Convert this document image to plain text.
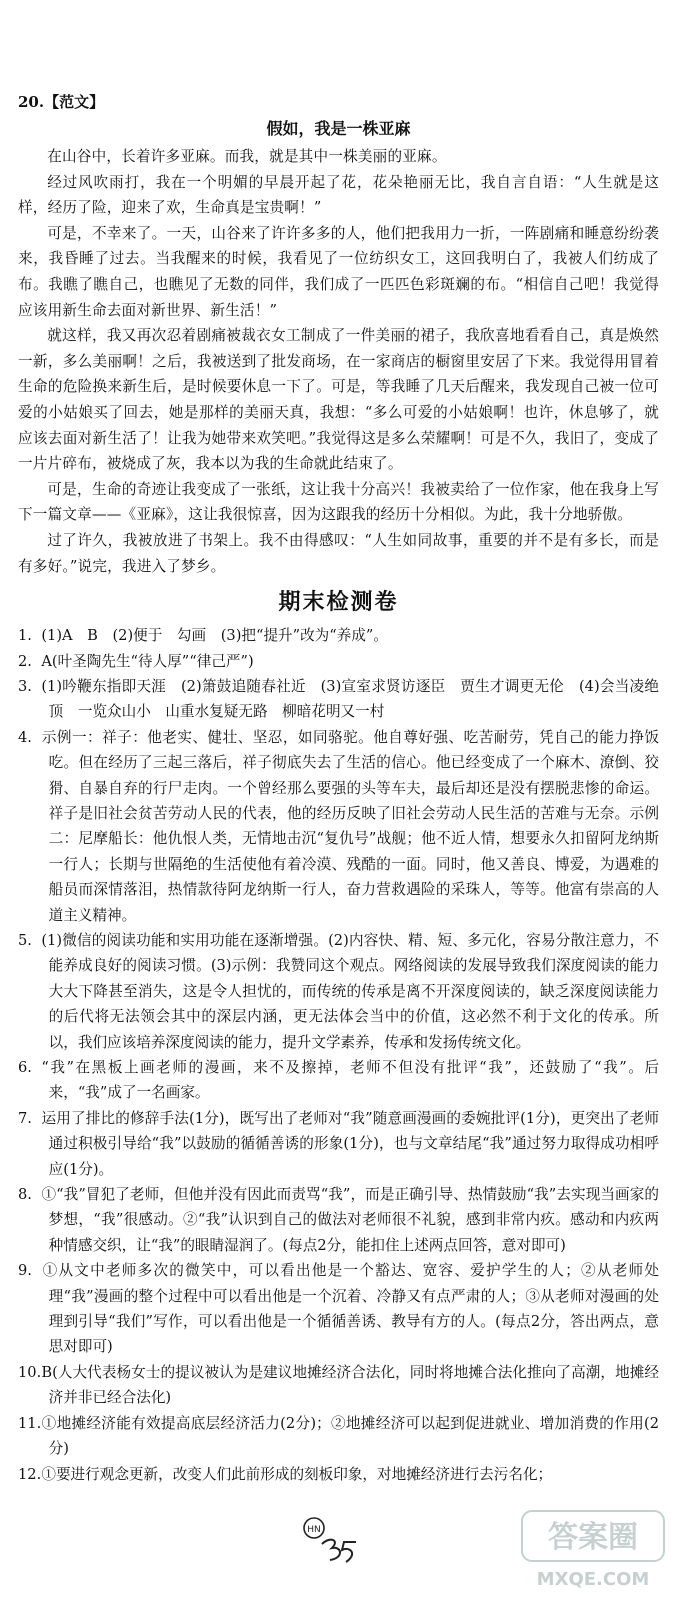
20.【范文】
假如，我是一株亚麻

在山谷中，长着许多亚麻。而我，就是其中一株美丽的亚麻。

经过风吹雨打，我在一个明媚的早晨开起了花，花朵艳丽无比，我自言自语：“人生就是这样，经历了险，迎来了欢，生命真是宝贵啊！”

可是，不幸来了。一天，山谷来了许许多多的人，他们把我用力一折，一阵剧痛和睡意纷纷袭来，我昏睡了过去。当我醒来的时候，我看见了一位纺织女工，这回我明白了，我被人们纺成了布。我瞧了瞧自己，也瞧见了无数的同伴，我们成了一匹匹色彩斑斓的布。“相信自己吧！我觉得应该用新生命去面对新世界、新生活！”

就这样，我又再次忍着剧痛被裁衣女工制成了一件美丽的裙子，我欣喜地看看自己，真是焕然一新，多么美丽啊！之后，我被送到了批发商场，在一家商店的橱窗里安居了下来。我觉得用冒着生命的危险换来新生后，是时候要休息一下了。可是，等我睡了几天后醒来，我发现自己被一位可爱的小姑娘买了回去，她是那样的美丽天真，我想：“多么可爱的小姑娘啊！也许，休息够了，就应该去面对新生活了！让我为她带来欢笑吧。”我觉得这是多么荣耀啊！可是不久，我旧了，变成了一片片碎布，被烧成了灰，我本以为我的生命就此结束了。

可是，生命的奇迹让我变成了一张纸，这让我十分高兴！我被卖给了一位作家，他在我身上写下一篇文章——《亚麻》，这让我很惊喜，因为这跟我的经历十分相似。为此，我十分地骄傲。

过了许久，我被放进了书架上。我不由得感叹：“人生如同故事，重要的并不是有多长，而是有多好。”说完，我进入了梦乡。

期末检测卷

1. (1)A　B　(2)便于　勾画　(3)把“提升”改为“养成”。

2. A(叶圣陶先生“待人厚”“律己严”)

3. (1)吟鞭东指即天涯　(2)箫鼓追随春社近　(3)宣室求贤访逐臣　贾生才调更无伦　(4)会当凌绝顶　一览众山小　山重水复疑无路　柳暗花明又一村

4. 示例一：祥子：他老实、健壮、坚忍，如同骆驼。他自尊好强、吃苦耐劳，凭自己的能力挣饭吃。但在经历了三起三落后，祥子彻底失去了生活的信心。他已经变成了一个麻木、潦倒、狡猾、自暴自弃的行尸走肉。一个曾经那么要强的头等车夫，最后却还是没有摆脱悲惨的命运。祥子是旧社会贫苦劳动人民的代表，他的经历反映了旧社会劳动人民生活的苦难与无奈。示例二：尼摩船长：他仇恨人类，无情地击沉“复仇号”战舰；他不近人情，想要永久扣留阿龙纳斯一行人；长期与世隔绝的生活使他有着冷漠、残酷的一面。同时，他又善良、博爱，为遇难的船员而深情落泪，热情款待阿龙纳斯一行人，奋力营救遇险的采珠人，等等。他富有崇高的人道主义精神。

5. (1)微信的阅读功能和实用功能在逐渐增强。(2)内容快、精、短、多元化，容易分散注意力，不能养成良好的阅读习惯。(3)示例：我赞同这个观点。网络阅读的发展导致我们深度阅读的能力大大下降甚至消失，这是令人担忧的，而传统的传承是离不开深度阅读的，缺乏深度阅读能力的后代将无法领会其中的深层内涵，更无法体会当中的价值，这必然不利于文化的传承。所以，我们应该培养深度阅读的能力，提升文学素养，传承和发扬传统文化。

6. “我”在黑板上画老师的漫画，来不及擦掉，老师不但没有批评“我”，还鼓励了“我”。后来，“我”成了一名画家。

7. 运用了排比的修辞手法(1分)，既写出了老师对“我”随意画漫画的委婉批评(1分)，更突出了老师通过积极引导给“我”以鼓励的循循善诱的形象(1分)，也与文章结尾“我”通过努力取得成功相呼应(1分)。

8. ①“我”冒犯了老师，但他并没有因此而责骂“我”，而是正确引导、热情鼓励“我”去实现当画家的梦想，“我”很感动。②“我”认识到自己的做法对老师很不礼貌，感到非常内疚。感动和内疚两种情感交织，让“我”的眼睛湿润了。(每点2分，能扣住上述两点回答，意对即可)

9. ①从文中老师多次的微笑中，可以看出他是一个豁达、宽容、爱护学生的人；②从老师处理“我”漫画的整个过程中可以看出他是一个沉着、冷静又有点严肃的人；③从老师对漫画的处理到引导“我们”写作，可以看出他是一个循循善诱、教导有方的人。(每点2分，答出两点，意思对即可)

10.B(人大代表杨女士的提议被认为是建议地摊经济合法化，同时将地摊合法化推向了高潮，地摊经济并非已经合法化)

11.①地摊经济能有效提高底层经济活力(2分)；②地摊经济可以起到促进就业、增加消费的作用(2分)

12.①要进行观念更新，改变人们此前形成的刻板印象，对地摊经济进行去污名化；

HN	答案圈
MXQE.COM
